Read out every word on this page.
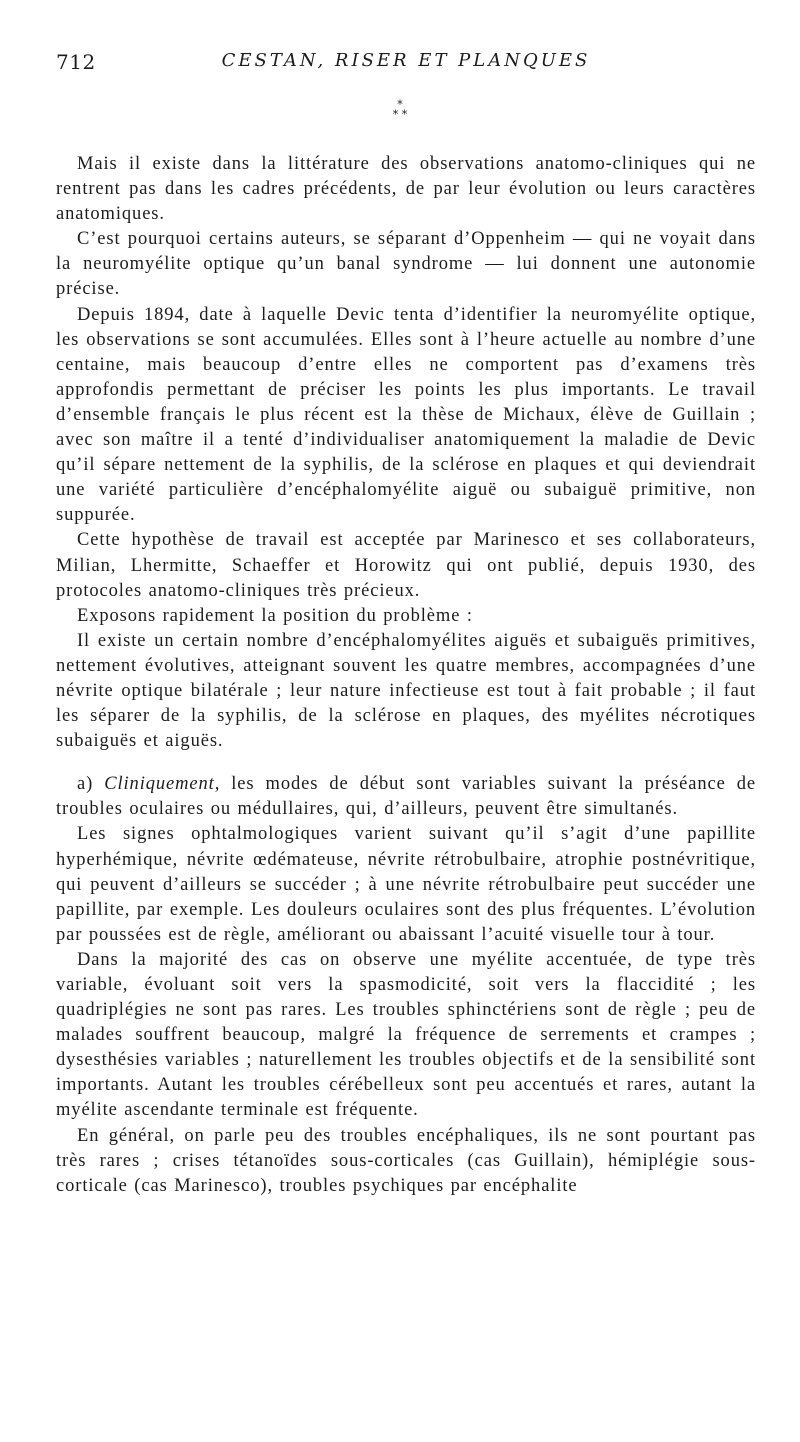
712	CESTAN, RISER ET PLANQUES
*
* *

Mais il existe dans la littérature des observations anatomo-cliniques qui ne rentrent pas dans les cadres précédents, de par leur évolution ou leurs caractères anatomiques.

C’est pourquoi certains auteurs, se séparant d’Oppenheim — qui ne voyait dans la neuromyélite optique qu’un banal syndrome — lui donnent une autonomie précise.

Depuis 1894, date à laquelle Devic tenta d’identifier la neuromyélite optique, les observations se sont accumulées. Elles sont à l’heure actuelle au nombre d’une centaine, mais beaucoup d’entre elles ne comportent pas d’examens très approfondis permettant de préciser les points les plus importants. Le travail d’ensemble français le plus récent est la thèse de Michaux, élève de Guillain ; avec son maître il a tenté d’individualiser anatomiquement la maladie de Devic qu’il sépare nettement de la syphilis, de la sclérose en plaques et qui deviendrait une variété particulière d’encéphalomyélite aiguë ou subaiguë primitive, non suppurée.

Cette hypothèse de travail est acceptée par Marinesco et ses collaborateurs, Milian, Lhermitte, Schaeffer et Horowitz qui ont publié, depuis 1930, des protocoles anatomo-cliniques très précieux.

Exposons rapidement la position du problème :

Il existe un certain nombre d’encéphalomyélites aiguës et subaiguës primitives, nettement évolutives, atteignant souvent les quatre membres, accompagnées d’une névrite optique bilatérale ; leur nature infectieuse est tout à fait probable ; il faut les séparer de la syphilis, de la sclérose en plaques, des myélites nécrotiques subaiguës et aiguës.

a) Cliniquement, les modes de début sont variables suivant la préséance de troubles oculaires ou médullaires, qui, d’ailleurs, peuvent être simultanés.

Les signes ophtalmologiques varient suivant qu’il s’agit d’une papillite hyperhémique, névrite œdémateuse, névrite rétrobulbaire, atrophie postnévritique, qui peuvent d’ailleurs se succéder ; à une névrite rétrobulbaire peut succéder une papillite, par exemple. Les douleurs oculaires sont des plus fréquentes. L’évolution par poussées est de règle, améliorant ou abaissant l’acuité visuelle tour à tour.

Dans la majorité des cas on observe une myélite accentuée, de type très variable, évoluant soit vers la spasmodicité, soit vers la flaccidité ; les quadriplégies ne sont pas rares. Les troubles sphinctériens sont de règle ; peu de malades souffrent beaucoup, malgré la fréquence de serrements et crampes ; dysesthésies variables ; naturellement les troubles objectifs et de la sensibilité sont importants. Autant les troubles cérébelleux sont peu accentués et rares, autant la myélite ascendante terminale est fréquente.

En général, on parle peu des troubles encéphaliques, ils ne sont pourtant pas très rares ; crises tétanoïdes sous-corticales (cas Guillain), hémiplégie sous-corticale (cas Marinesco), troubles psychiques par encéphalite
